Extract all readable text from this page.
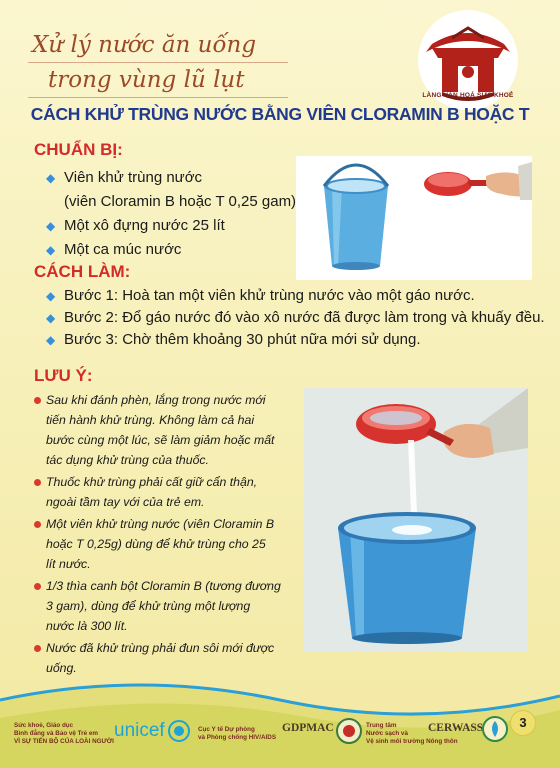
Xử lý nước ăn uống
trong vùng lũ lụt
LÀNG VĂN HOÁ SỨC KHOẺ
CÁCH KHỬ TRÙNG NƯỚC BẰNG VIÊN CLORAMIN B HOẶC T
CHUẨN BỊ:
◆ Viên khử trùng nước
(viên Cloramin B hoặc T 0,25 gam)
◆ Một xô đựng nước 25 lít
◆ Một ca múc nước
CÁCH LÀM:
◆ Bước 1: Hoà tan một viên khử trùng nước vào một gáo nước.
◆ Bước 2: Đổ gáo nước đó vào xô nước đã được làm trong và khuấy đều.
◆ Bước 3: Chờ thêm khoảng 30 phút nữa mới sử dụng.
LƯU Ý:
Sau khi đánh phèn, lắng trong nước mới
tiến hành khử trùng. Không làm cả hai
bước cùng một lúc, sẽ làm giảm hoặc mất
tác dụng khử trùng của thuốc.
Thuốc khử trùng phải cất giữ cẩn thận,
ngoài tầm tay với của trẻ em.
Một viên khử trùng nước (viên Cloramin B
hoặc T 0,25g) dùng để khử trùng cho 25
lít nước.
1/3 thìa canh bột Cloramin B (tương đương
3 gam), dùng để khử trùng một lượng
nước là 300 lít.
Nước đã khử trùng phải đun sôi mới được
uống.
Sức khoẻ, Giáo dục
Bình đẳng và Bảo vệ Trẻ em
VÌ SỰ TIẾN BỘ CỦA LOÀI NGƯỜI
unicef	Cục Y tế Dự phòng
và Phòng chống HIV/AIDS
GDPMAC	Trung tâm
Nước sạch và
Vệ sinh môi trường Nông thôn
CERWASS	3
